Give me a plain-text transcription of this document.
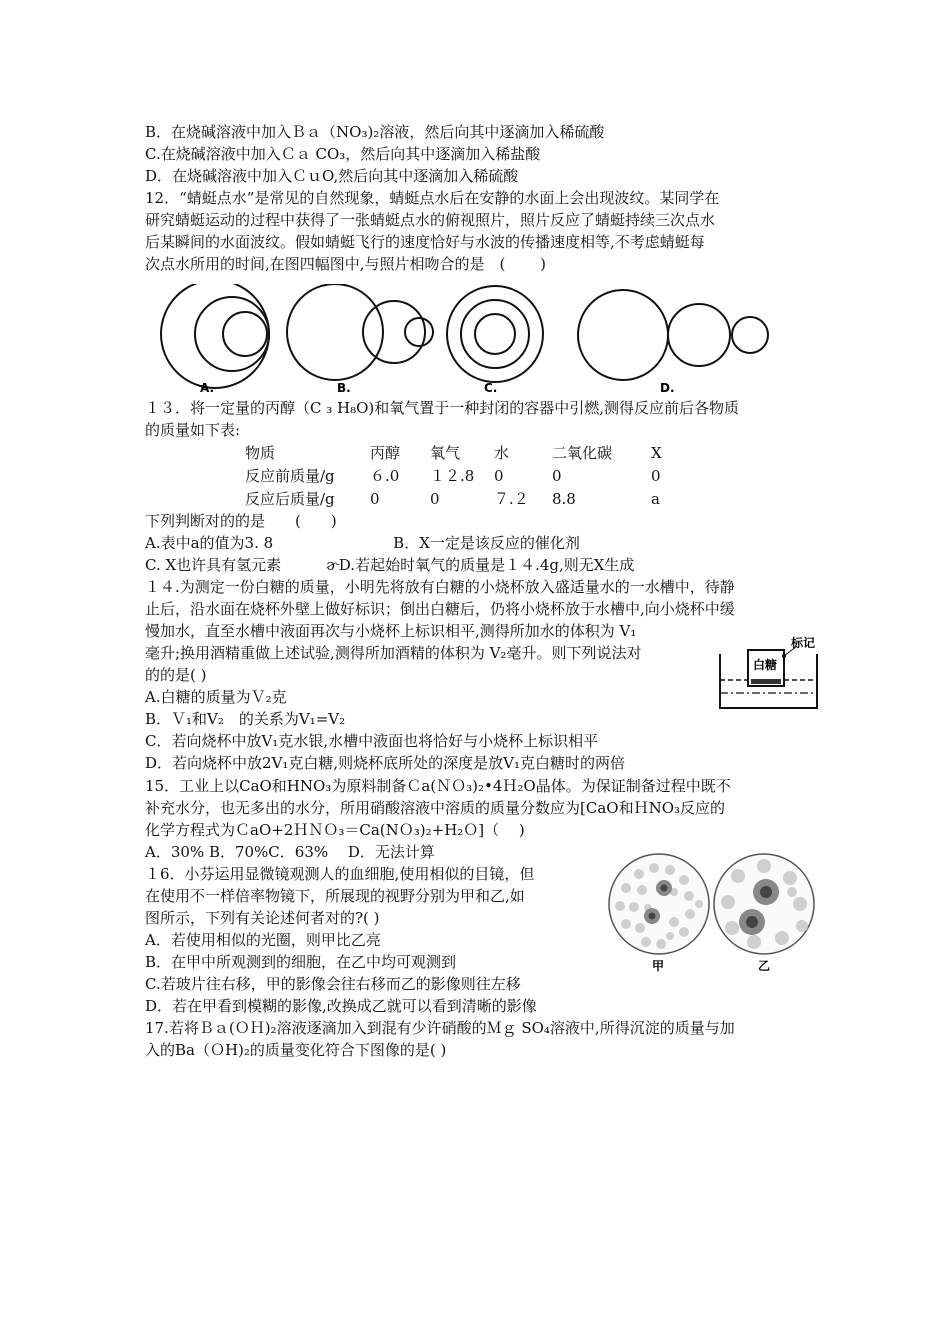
B．在烧碱溶液中加入Ｂａ（NO₃)₂溶液，然后向其中逐滴加入稀硫酸
C.在烧碱溶液中加入Ｃａ CO₃，然后向其中逐滴加入稀盐酸
D．在烧碱溶液中加入ＣｕO,然后向其中逐滴加入稀硫酸
12．“蜻蜓点水”是常见的自然现象，蜻蜓点水后在安静的水面上会出现波纹。某同学在
研究蜻蜓运动的过程中获得了一张蜻蜓点水的俯视照片，照片反应了蜻蜓持续三次点水
后某瞬间的水面波纹。假如蜻蜓飞行的速度恰好与水波的传播速度相等,不考虑蜻蜓每
次点水所用的时间,在图四幅图中,与照片相吻合的是　(　　 )
A.	B.	C.	D.
１３．将一定量的丙醇（C ₃ H₈O)和氧气置于一种封闭的容器中引燃,测得反应前后各物质
的质量如下表:
物质	丙醇 氧气 水	二氧化碳	X
反应前质量/g ６.0 １２.8 0	0	0
反应后质量/g 0	0	７.２ 8.8	a
下列判断对的的是　　(　　)
A.表中a的值为3. 8　　　　　　　　B．X一定是该反应的催化剂
C. X也许具有氢元素　　　ɚD.若起始时氧气的质量是１４.4g,则无X生成
１４.为测定一份白糖的质量，小明先将放有白糖的小烧杯放入盛适量水的一水槽中，待静
止后，沿水面在烧杯外壁上做好标识；倒出白糖后，仍将小烧杯放于水槽中,向小烧杯中缓
慢加水，直至水槽中液面再次与小烧杯上标识相平,测得所加水的体积为 V₁
毫升;换用酒精重做上述试验,测得所加酒精的体积为 V₂毫升。则下列说法对
的的是( )
A.白糖的质量为Ｖ₂克
B．Ｖ₁和V₂　的关系为V₁=V₂
C．若向烧杯中放V₁克水银,水槽中液面也将恰好与小烧杯上标识相平
D．若向烧杯中放2V₁克白糖,则烧杯底所处的深度是放V₁克白糖时的两倍
白糖
标记
15．工业上以CaO和HNO₃为原料制备Ｃa(ＮＯ₃)₂•4Ｈ₂O晶体。为保证制备过程中既不
补充水分，也无多出的水分，所用硝酸溶液中溶质的质量分数应为[CaO和ＨNO₃反应的
化学方程式为ＣaO+2ＨＮＯ₃＝Ca(NＯ₃)₂+H₂Ｏ]（　 )
A．30% B．70%C．63%　 D．无法计算
１6．小芬运用显微镜观测人的血细胞,使用相似的目镜，但
在使用不一样倍率物镜下，所展现的视野分别为甲和乙,如
图所示，下列有关论述何者对的?( )
A．若使用相似的光圈，则甲比乙亮
B．在甲中所观测到的细胞，在乙中均可观测到
C.若玻片往右移，甲的影像会往右移而乙的影像则往左移
D．若在甲看到模糊的影像,改换成乙就可以看到清晰的影像
甲	乙
17.若将Ｂａ(ＯＨ)₂溶液逐滴加入到混有少许硝酸的Ｍｇ SO₄溶液中,所得沉淀的质量与加
入的Ba（ＯH)₂的质量变化符合下图像的是( )
